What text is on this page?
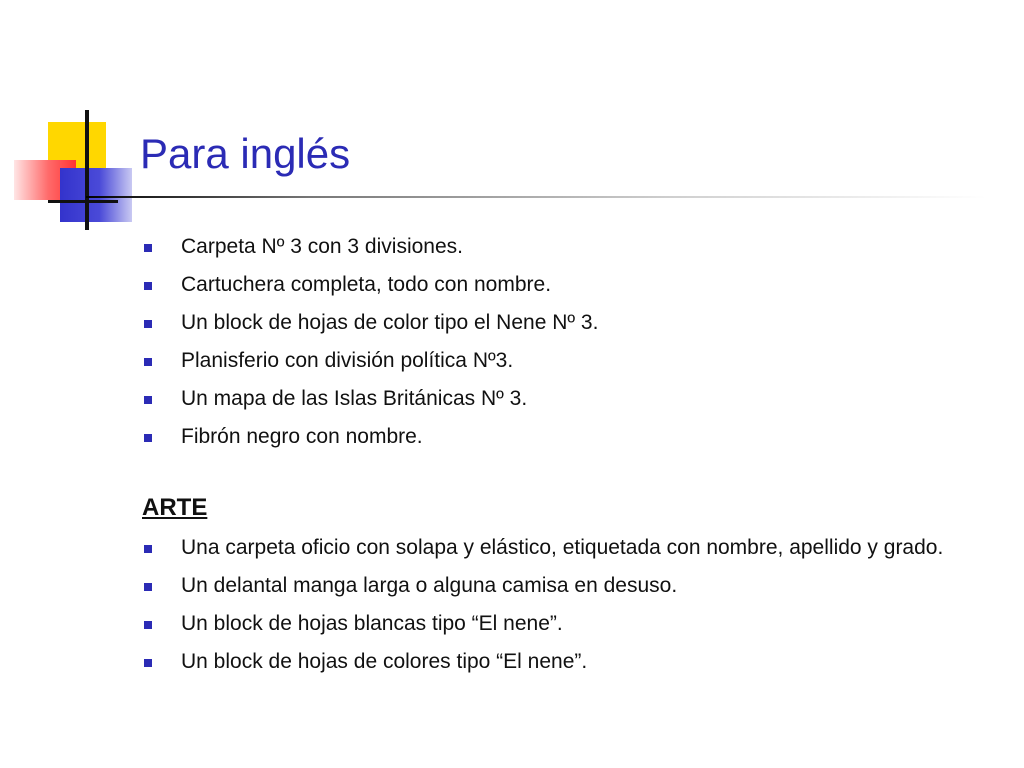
Para inglés
Carpeta Nº 3 con 3 divisiones.
Cartuchera completa, todo con nombre.
Un block de hojas de color tipo el Nene Nº 3.
Planisferio con división política Nº3.
Un mapa de las Islas Británicas Nº 3.
Fibrón negro con nombre.
ARTE
Una carpeta oficio con solapa y elástico, etiquetada con nombre, apellido y grado.
Un delantal manga larga o alguna camisa en desuso.
Un block de hojas blancas tipo “El nene”.
Un block de hojas de colores tipo “El nene”.
